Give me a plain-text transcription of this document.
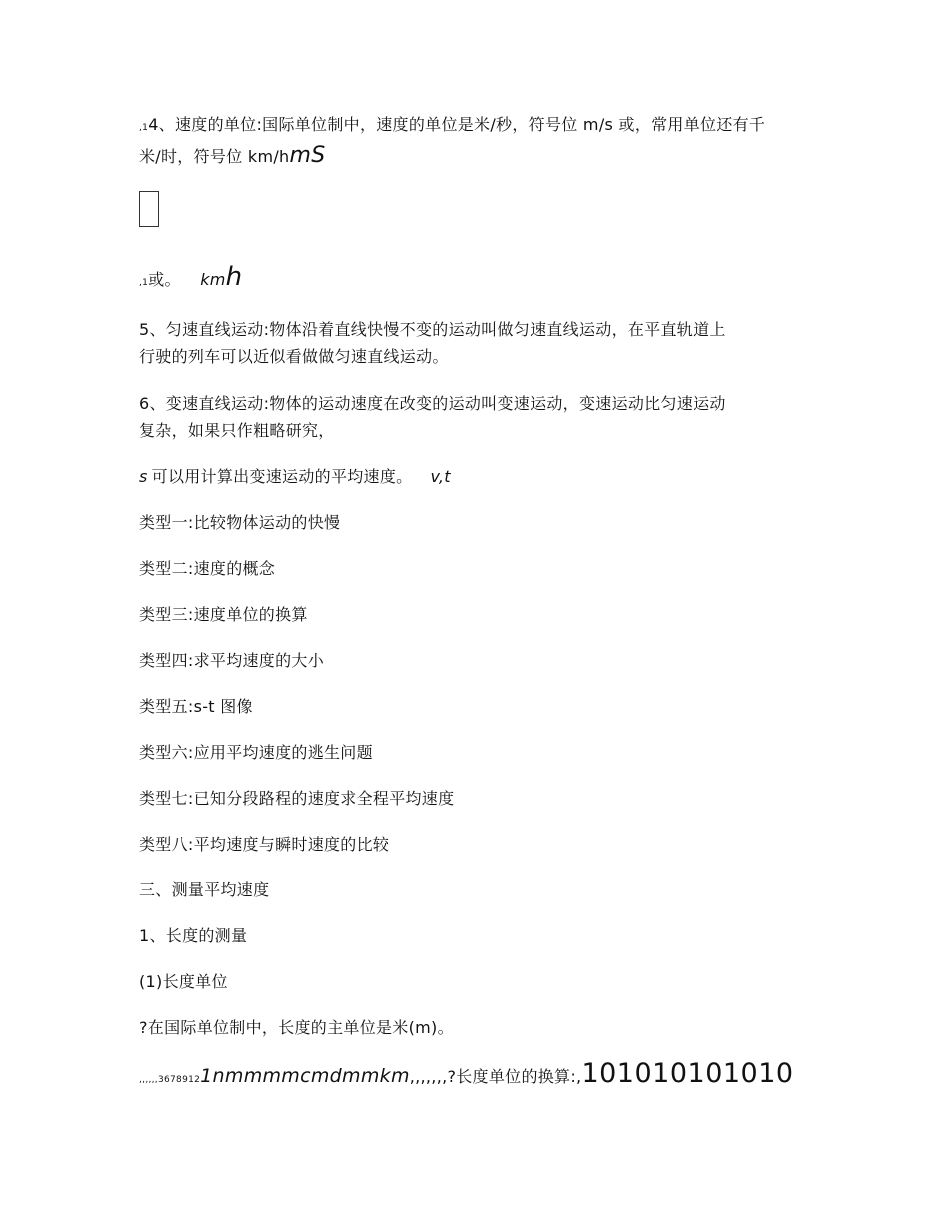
,14、速度的单位:国际单位制中，速度的单位是米/秒，符号位 m/s 或，常用单位还有千
米/时，符号位 km/hmS
,1或。 kmh
5、匀速直线运动:物体沿着直线快慢不变的运动叫做匀速直线运动，在平直轨道上
行驶的列车可以近似看做做匀速直线运动。
6、变速直线运动:物体的运动速度在改变的运动叫变速运动，变速运动比匀速运动
复杂，如果只作粗略研究，
s 可以用计算出变速运动的平均速度。 v,t
类型一:比较物体运动的快慢
类型二:速度的概念
类型三:速度单位的换算
类型四:求平均速度的大小
类型五:s-t 图像
类型六:应用平均速度的逃生问题
类型七:已知分段路程的速度求全程平均速度
类型八:平均速度与瞬时速度的比较
三、测量平均速度
1、长度的测量
(1)长度单位
?在国际单位制中，长度的主单位是米(m)。
,,,,,,36789121nmmmmcmdmmkm,,,,,,,?长度单位的换算:,101010101010
